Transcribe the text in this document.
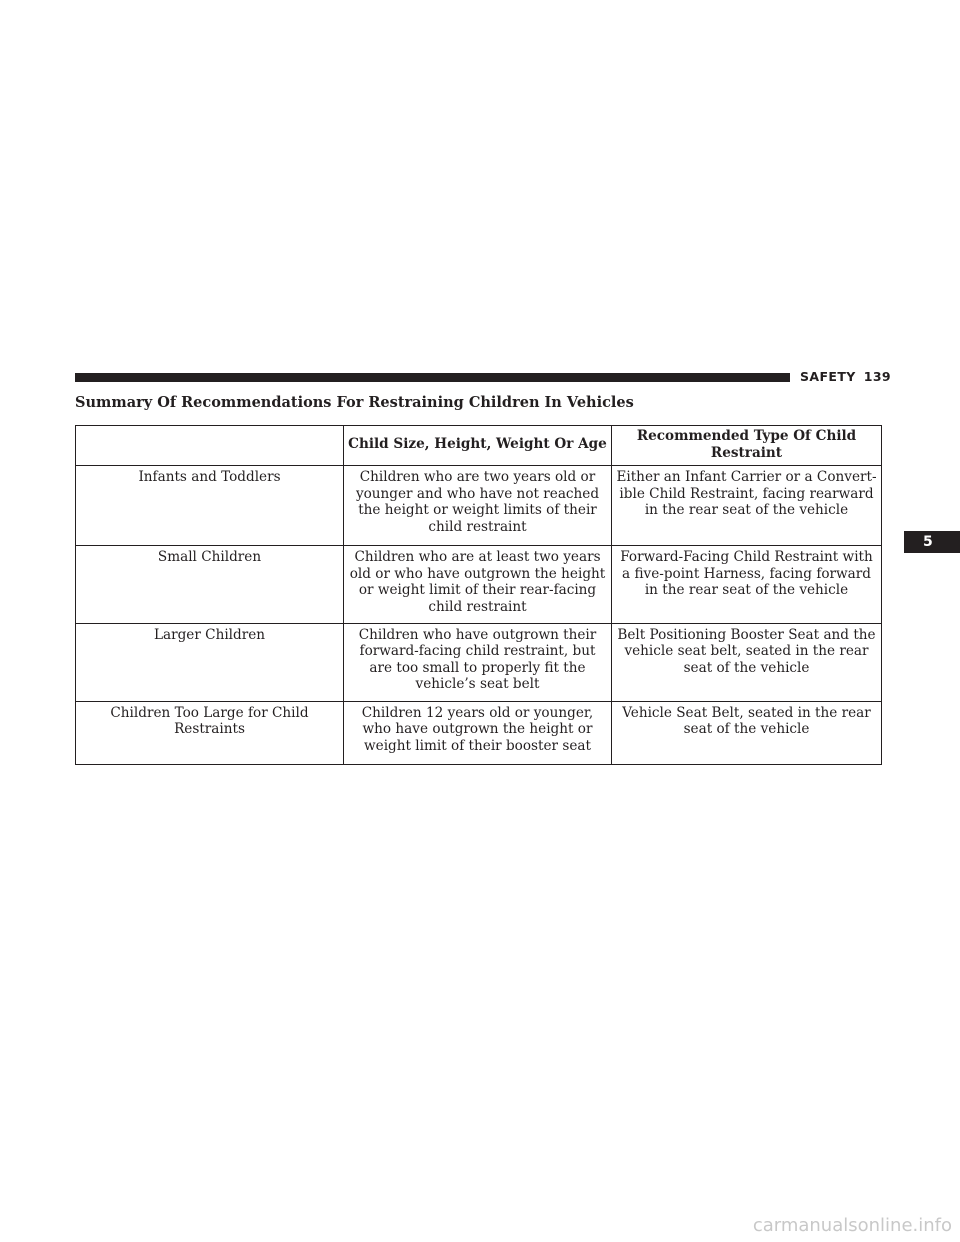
SAFETY 139
5
Summary Of Recommendations For Restraining Children In Vehicles
	Child Size, Height, Weight Or Age	Recommended Type Of Child Restraint
Infants and Toddlers	Children who are two years old or younger and who have not reached the height or weight limits of their child restraint	Either an Infant Carrier or a Convert-ible Child Restraint, facing rearward in the rear seat of the vehicle
Small Children	Children who are at least two years old or who have outgrown the height or weight limit of their rear-facing child restraint	Forward-Facing Child Restraint with a five-point Harness, facing forward in the rear seat of the vehicle
Larger Children	Children who have outgrown their forward-facing child restraint, but are too small to properly fit the vehicle’s seat belt	Belt Positioning Booster Seat and the vehicle seat belt, seated in the rear seat of the vehicle
Children Too Large for Child Restraints	Children 12 years old or younger, who have outgrown the height or weight limit of their booster seat	Vehicle Seat Belt, seated in the rear seat of the vehicle
carmanualsonline.info
